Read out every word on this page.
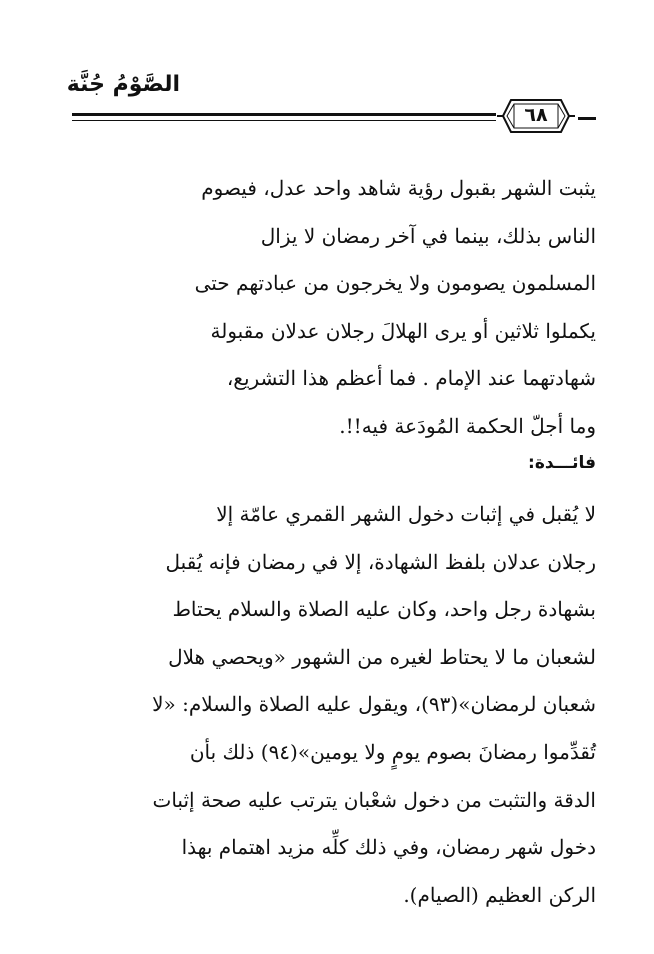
الصَّوْمُ جُنَّة
٦٨
يثبت الشهر بقبول رؤية شاهد واحد عدل، فيصوم
الناس بذلك، بينما في آخر رمضان لا يزال
المسلمون يصومون ولا يخرجون من عبادتهم حتى
يكملوا ثلاثين أو يرى الهلالَ رجلان عدلان مقبولة
شهادتهما عند الإمام . فما أعظم هذا التشريع،
وما أجلّ الحكمة المُودَعة فيه!!.
فائـــدة:
لا يُقبل في إثبات دخول الشهر القمري عامّة إلا
رجلان عدلان بلفظ الشهادة، إلا في رمضان فإنه يُقبل
بشهادة رجل واحد، وكان عليه الصلاة والسلام يحتاط
لشعبان ما لا يحتاط لغيره من الشهور «ويحصي هلال
شعبان لرمضان»(٩٣)، ويقول عليه الصلاة والسلام: «لا
تُقدِّموا رمضانَ بصوم يومٍ ولا يومين»(٩٤) ذلك بأن
الدقة والتثبت من دخول شعْبان يترتب عليه صحة إثبات
دخول شهر رمضان، وفي ذلك كلِّه مزيد اهتمام بهذا
الركن العظيم (الصيام).
